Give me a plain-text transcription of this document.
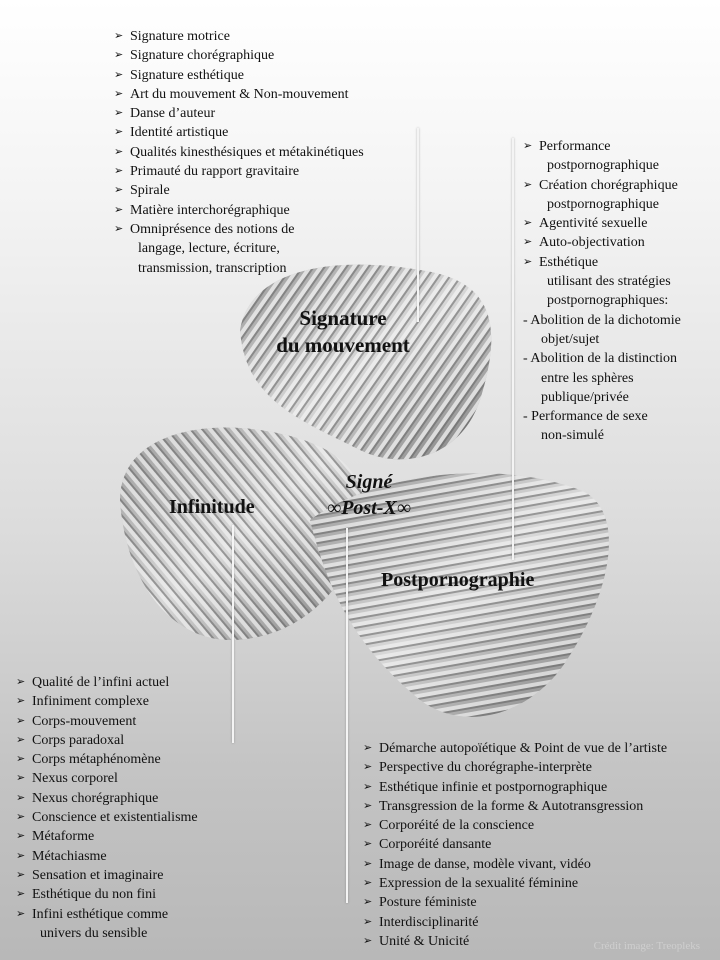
➢ Signature motrice
➢ Signature chorégraphique
➢ Signature esthétique
➢ Art du mouvement & Non-mouvement
➢ Danse d’auteur
➢ Identité artistique
➢ Qualités kinesthésiques et métakinétiques
➢ Primauté du rapport gravitaire
➢ Spirale
➢ Matière interchorégraphique
➢ Omniprésence des notions de
langage, lecture, écriture,
transmission, transcription
➢ Performance
postpornographique
➢ Création chorégraphique
postpornographique
➢ Agentivité sexuelle
➢ Auto-objectivation
➢ Esthétique
utilisant des stratégies
postpornographiques:
- Abolition de la dichotomie
objet/sujet
- Abolition de la distinction
entre les sphères
publique/privée
- Performance de sexe
non-simulé
➢ Qualité de l’infini actuel
➢ Infiniment complexe
➢ Corps-mouvement
➢ Corps paradoxal
➢ Corps métaphénomène
➢ Nexus corporel
➢ Nexus chorégraphique
➢ Conscience et existentialisme
➢ Métaforme
➢ Métachiasme
➢ Sensation et imaginaire
➢ Esthétique du non fini
➢ Infini esthétique comme
univers du sensible
➢ Démarche autopoïétique & Point de vue de l’artiste
➢ Perspective du chorégraphe-interprète
➢ Esthétique infinie et postpornographique
➢ Transgression de la forme & Autotransgression
➢ Corporéité de la conscience
➢ Corporéité dansante
➢ Image de danse, modèle vivant, vidéo
➢ Expression de la sexualité féminine
➢ Posture féministe
➢ Interdisciplinarité
➢ Unité & Unicité
Signature
du mouvement
Signé
∞Post-X∞
Infinitude
Postpornographie
Crédit image: Treopleks
